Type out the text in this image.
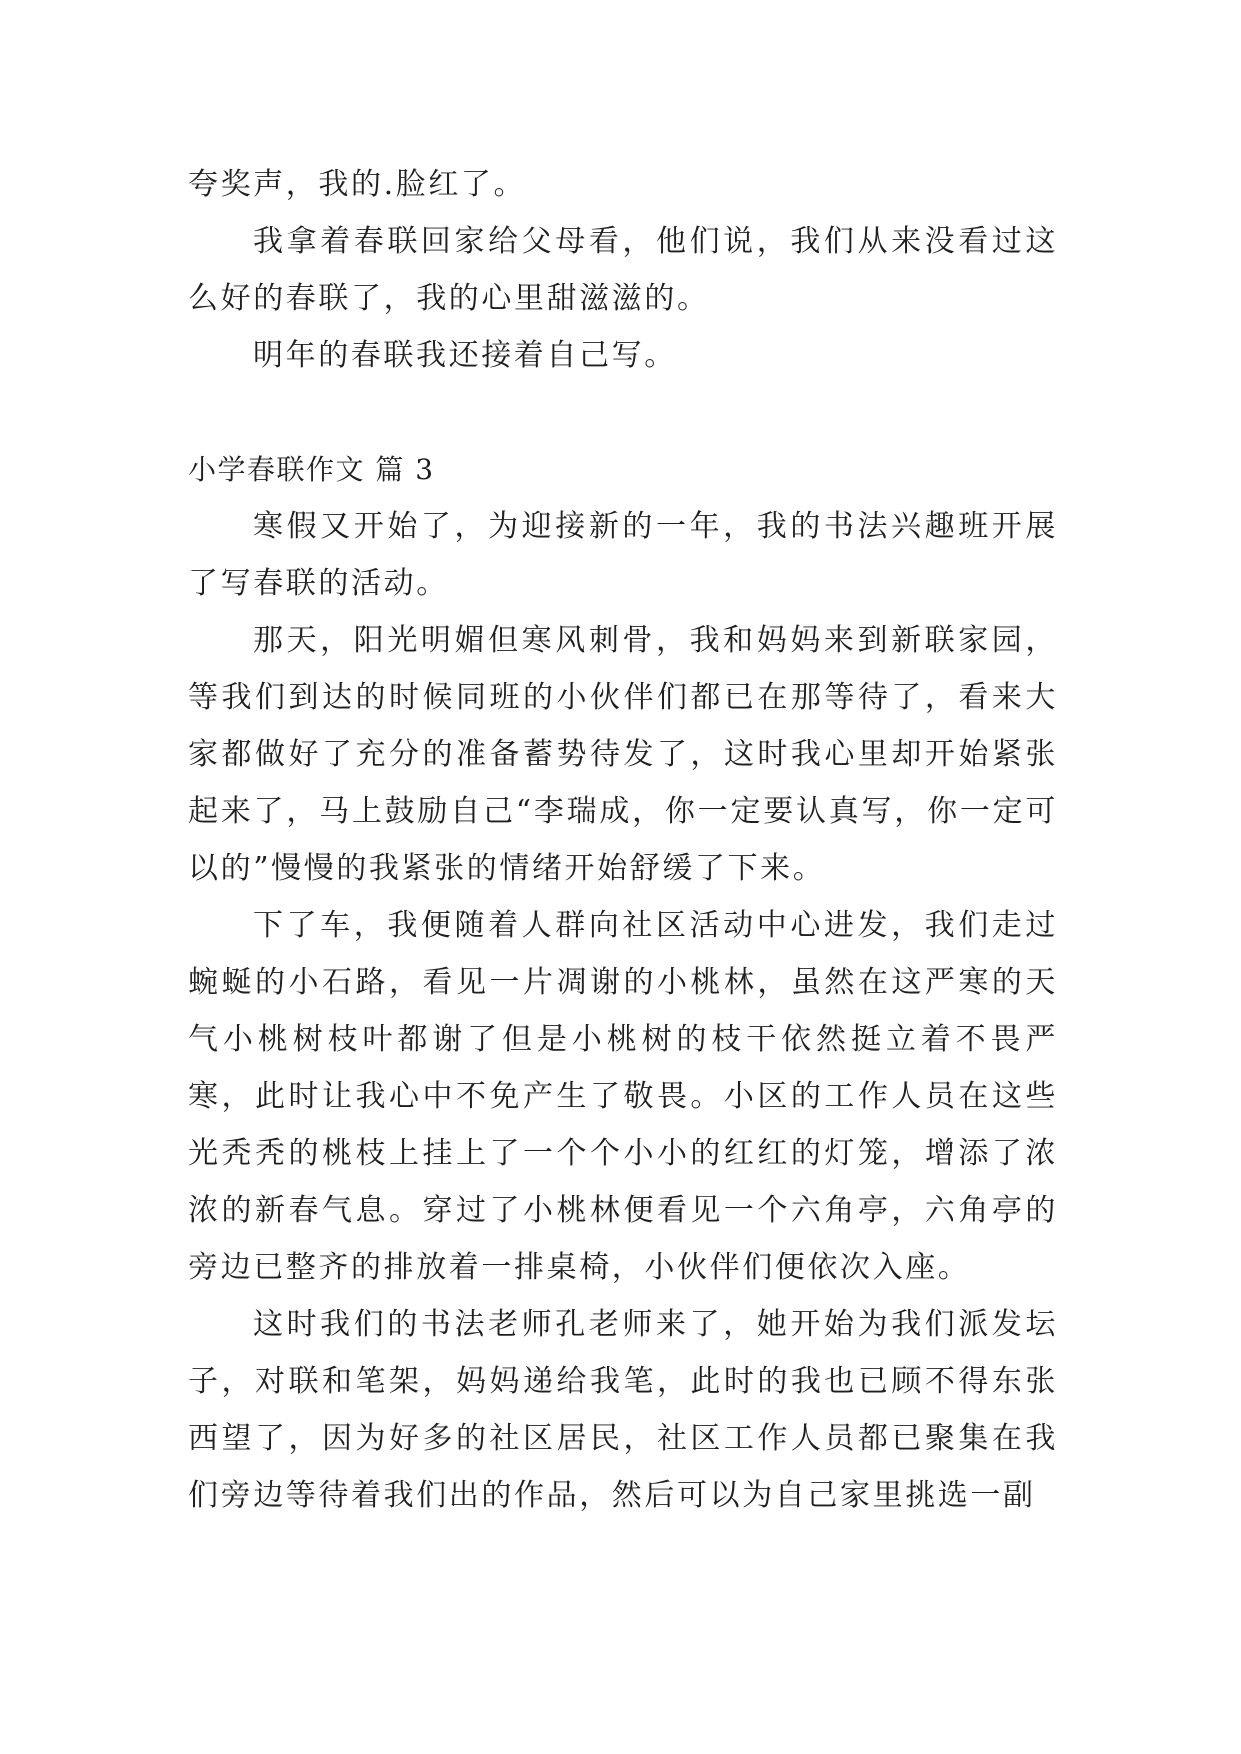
夸奖声，我的.脸红了。

我拿着春联回家给父母看，他们说，我们从来没看过这么好的春联了，我的心里甜滋滋的。

明年的春联我还接着自己写。

小学春联作文 篇 3

寒假又开始了，为迎接新的一年，我的书法兴趣班开展了写春联的活动。

那天，阳光明媚但寒风刺骨，我和妈妈来到新联家园，等我们到达的时候同班的小伙伴们都已在那等待了，看来大家都做好了充分的准备蓄势待发了，这时我心里却开始紧张起来了，马上鼓励自己“李瑞成，你一定要认真写，你一定可以的”慢慢的我紧张的情绪开始舒缓了下来。

下了车，我便随着人群向社区活动中心进发，我们走过蜿蜒的小石路，看见一片凋谢的小桃林，虽然在这严寒的天气小桃树枝叶都谢了但是小桃树的枝干依然挺立着不畏严寒，此时让我心中不免产生了敬畏。小区的工作人员在这些光秃秃的桃枝上挂上了一个个小小的红红的灯笼，增添了浓浓的新春气息。穿过了小桃林便看见一个六角亭，六角亭的旁边已整齐的排放着一排桌椅，小伙伴们便依次入座。

这时我们的书法老师孔老师来了，她开始为我们派发坛子，对联和笔架，妈妈递给我笔，此时的我也已顾不得东张西望了，因为好多的社区居民，社区工作人员都已聚集在我们旁边等待着我们出的作品，然后可以为自己家里挑选一副
